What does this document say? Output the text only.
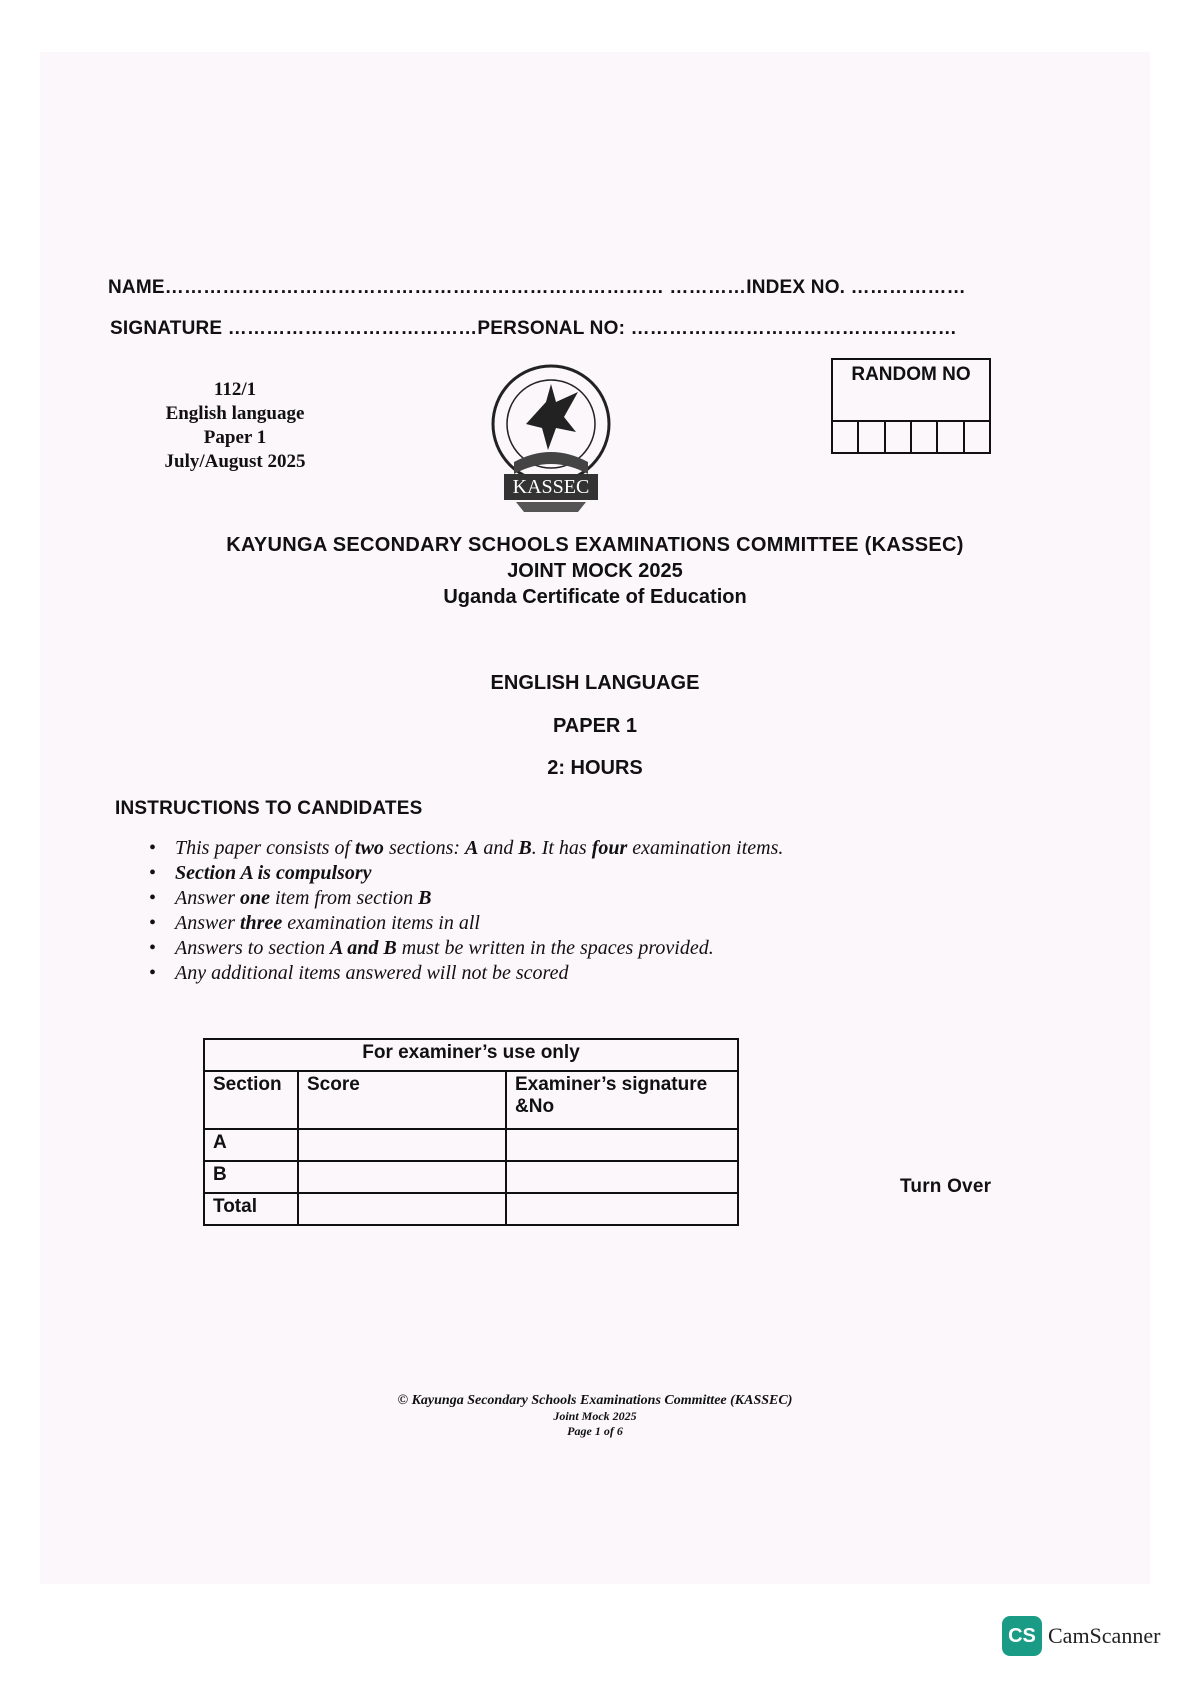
NAME…………………………………………………………………… …………INDEX NO. ………………
SIGNATURE …………………………………PERSONAL NO: ……………………………………………
112/1
English language
Paper 1
July/August 2025
KASSEC
RANDOM NO
KAYUNGA SECONDARY SCHOOLS EXAMINATIONS COMMITTEE (KASSEC)
JOINT MOCK 2025
Uganda Certificate of Education
ENGLISH LANGUAGE
PAPER 1
2: HOURS
INSTRUCTIONS TO CANDIDATES
• This paper consists of two sections: A and B. It has four examination items.
• Section A is compulsory
• Answer one item from section B
• Answer three examination items in all
• Answers to section A and B must be written in the spaces provided.
• Any additional items answered will not be scored
For examiner’s use only		
Section	Score	Examiner’s signature &No
A		
B		
Total		
Turn Over
© Kayunga Secondary Schools Examinations Committee (KASSEC)
Joint Mock 2025
Page 1 of 6
CS CamScanner
